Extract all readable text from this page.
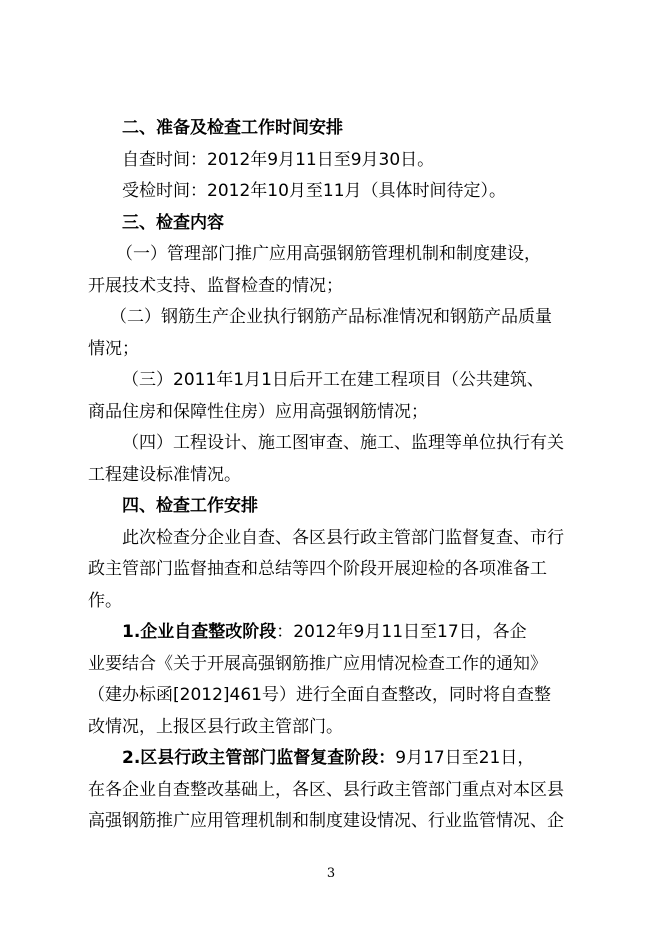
二、准备及检查工作时间安排
自查时间：2012年9月11日至9月30日。
受检时间：2012年10月至11月（具体时间待定）。
三、检查内容
（一）管理部门推广应用高强钢筋管理机制和制度建设，
开展技术支持、监督检查的情况；
（二）钢筋生产企业执行钢筋产品标准情况和钢筋产品质量
情况；
（三）2011年1月1日后开工在建工程项目（公共建筑、
商品住房和保障性住房）应用高强钢筋情况；
（四）工程设计、施工图审查、施工、监理等单位执行有关
工程建设标准情况。
四、检查工作安排
此次检查分企业自查、各区县行政主管部门监督复查、市行
政主管部门监督抽查和总结等四个阶段开展迎检的各项准备工
作。
1.企业自查整改阶段：2012年9月11日至17日，各企
业要结合《关于开展高强钢筋推广应用情况检查工作的通知》
（建办标函[2012]461号）进行全面自查整改，同时将自查整
改情况，上报区县行政主管部门。
2.区县行政主管部门监督复查阶段：9月17日至21日，
在各企业自查整改基础上，各区、县行政主管部门重点对本区县
高强钢筋推广应用管理机制和制度建设情况、行业监管情况、企
3
